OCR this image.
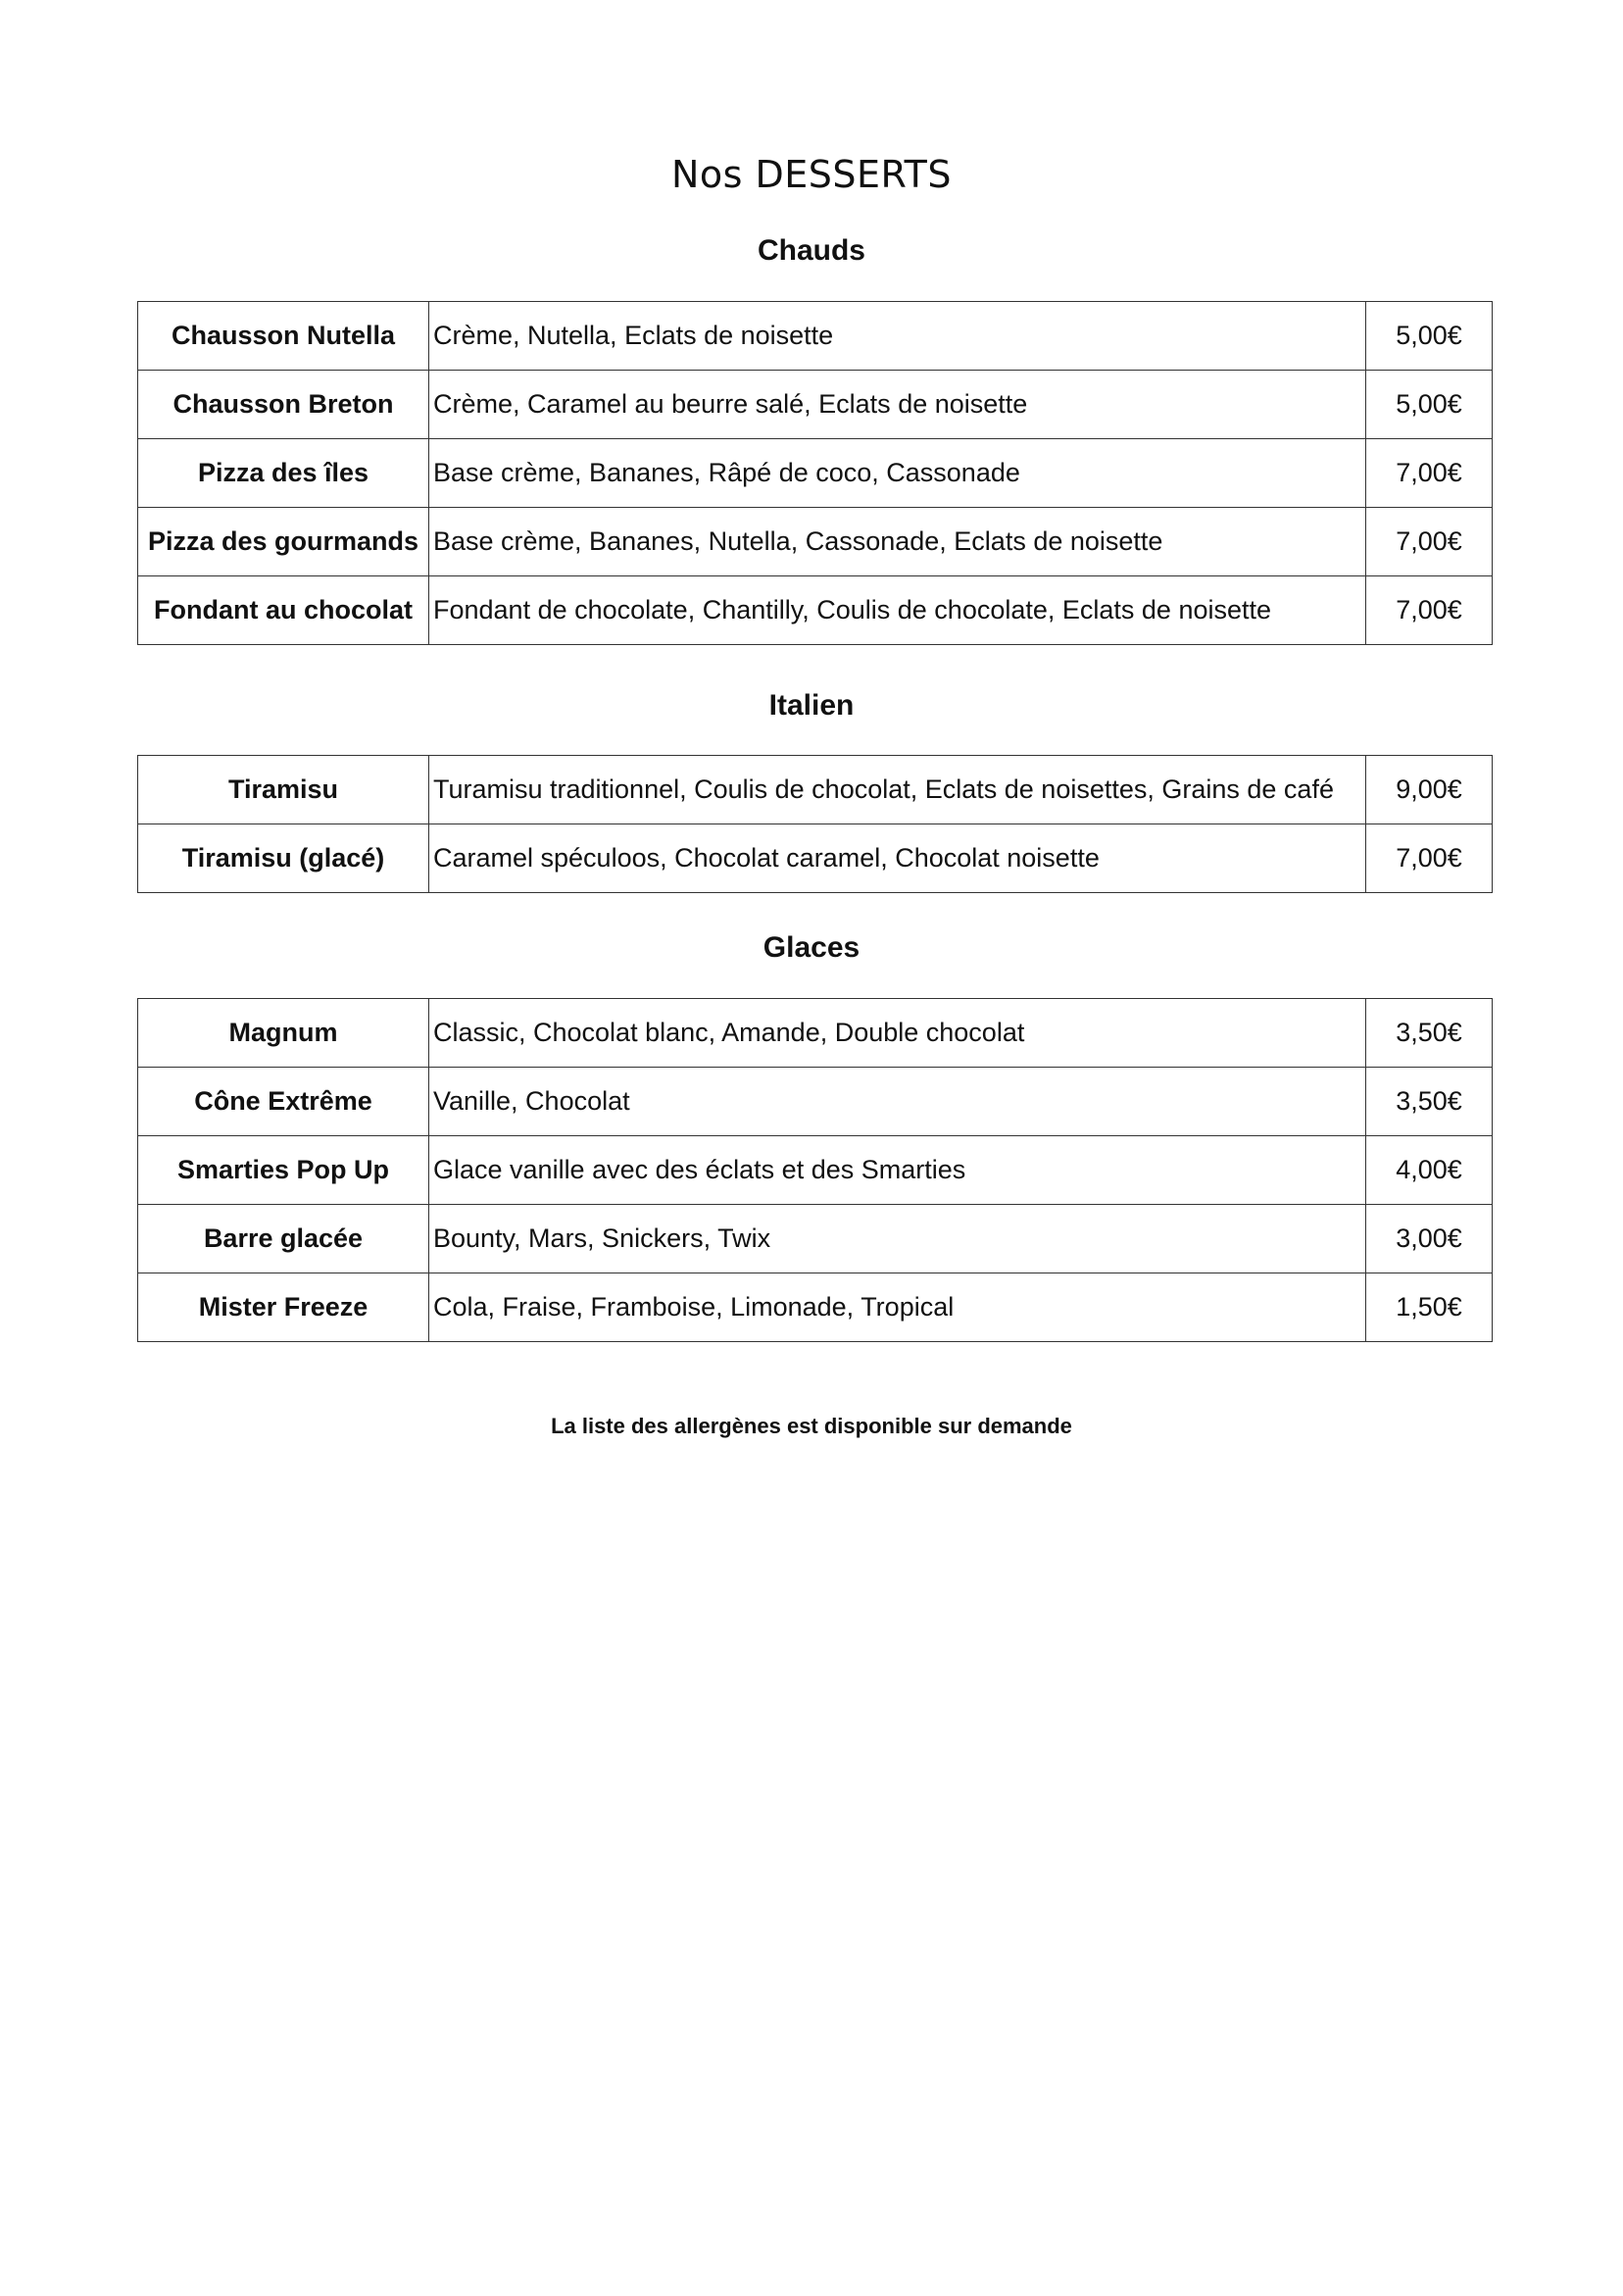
Nos DESSERTS
Chauds
Chausson Nutella	Crème, Nutella, Eclats de noisette	5,00€
Chausson Breton	Crème, Caramel au beurre salé, Eclats de noisette	5,00€
Pizza des îles	Base crème, Bananes, Râpé de coco, Cassonade	7,00€
Pizza des gourmands	Base crème, Bananes, Nutella, Cassonade, Eclats de noisette	7,00€
Fondant au chocolat	Fondant de chocolate, Chantilly, Coulis de chocolate, Eclats de noisette	7,00€
Italien
Tiramisu	Turamisu traditionnel, Coulis de chocolat, Eclats de noisettes, Grains de café	9,00€
Tiramisu (glacé)	Caramel spéculoos, Chocolat caramel, Chocolat noisette	7,00€
Glaces
Magnum	Classic, Chocolat blanc, Amande, Double chocolat	3,50€
Cône Extrême	Vanille, Chocolat	3,50€
Smarties Pop Up	Glace vanille avec des éclats et des Smarties	4,00€
Barre glacée	Bounty, Mars, Snickers, Twix	3,00€
Mister Freeze	Cola, Fraise, Framboise, Limonade, Tropical	1,50€
La liste des allergènes est disponible sur demande
